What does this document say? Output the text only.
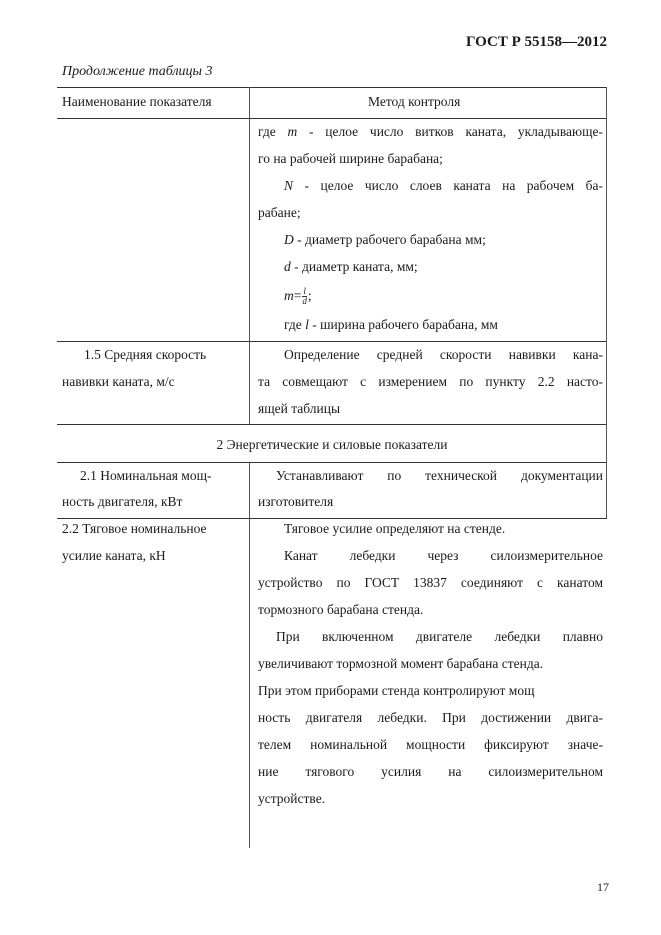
ГОСТ Р 55158—2012
Продолжение таблицы 3
Наименование показателя	Метод контроля
где m - целое число витков каната, укладывающе-
го на рабочей ширине барабана;
N - целое число слоев каната на рабочем ба-
рабане;
D - диаметр рабочего барабана мм;
d - диаметр каната, мм;
$m= \frac{l}{d}$ ;
где l - ширина рабочего барабана, мм
1.5 Средняя скорость
навивки каната, м/с
Определение средней скорости навивки кана-
та совмещают с измерением по пункту 2.2 насто-
ящей таблицы
2 Энергетические и силовые показатели
2.1 Номинальная мощ-
ность двигателя, кВт
Устанавливают по технической документации
изготовителя
2.2 Тяговое номинальное
усилие каната, кН
Тяговое усилие определяют на стенде.
Канат лебедки через силоизмерительное
устройство по ГОСТ 13837 соединяют с канатом
тормозного барабана стенда.
При включенном двигателе лебедки плавно
увеличивают тормозной момент барабана стенда.
При этом приборами стенда контролируют мощ
ность двигателя лебедки. При достижении двига-
телем номинальной мощности фиксируют значе-
ние тягового усилия на силоизмерительном
устройстве.
17
